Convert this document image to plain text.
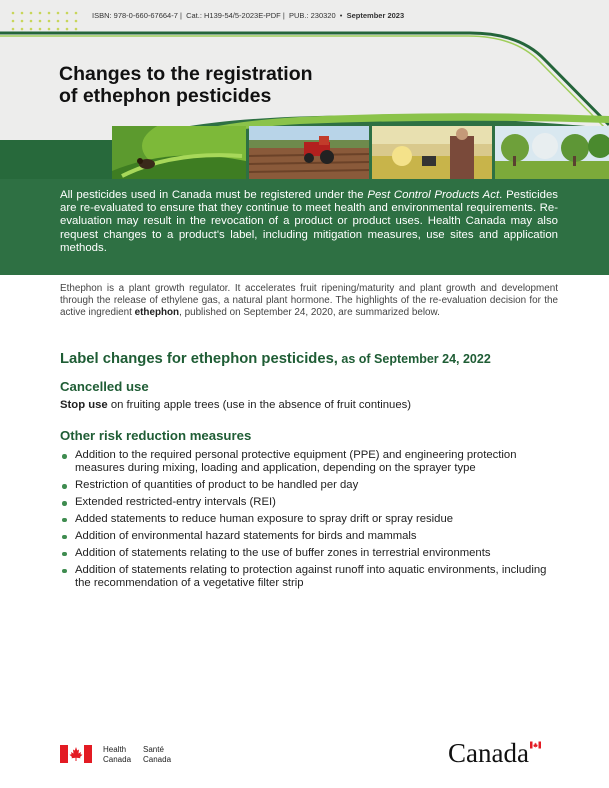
ISBN: 978-0-660-67664-7 |  Cat.: H139-54/5-2023E-PDF |  PUB.: 230320  •  September 2023
Changes to the registration
of ethephon pesticides

All pesticides used in Canada must be registered under the Pest Control Products Act. Pesticides are re-evaluated to ensure that they continue to meet health and environmental requirements. Re-evaluation may result in the revocation of a product or product uses. Health Canada may also request changes to a product's label, including mitigation measures, use sites and application methods.

Ethephon is a plant growth regulator. It accelerates fruit ripening/maturity and plant growth and development through the release of ethylene gas, a natural plant hormone. The highlights of the re-evaluation decision for the active ingredient ethephon, published on September 24, 2020, are summarized below.

Label changes for ethephon pesticides, as of September 24, 2022
Cancelled use

Stop use on fruiting apple trees (use in the absence of fruit continues)

Other risk reduction measures
Addition to the required personal protective equipment (PPE) and engineering protection measures during mixing, loading and application, depending on the sprayer type
Restriction of quantities of product to be handled per day
Extended restricted-entry intervals (REI)
Added statements to reduce human exposure to spray drift or spray residue
Addition of environmental hazard statements for birds and mammals
Addition of statements relating to the use of buffer zones in terrestrial environments
Addition of statements relating to protection against runoff into aquatic environments, including the recommendation of a vegetative filter strip
Health Santé
Canada Canada	Canada
